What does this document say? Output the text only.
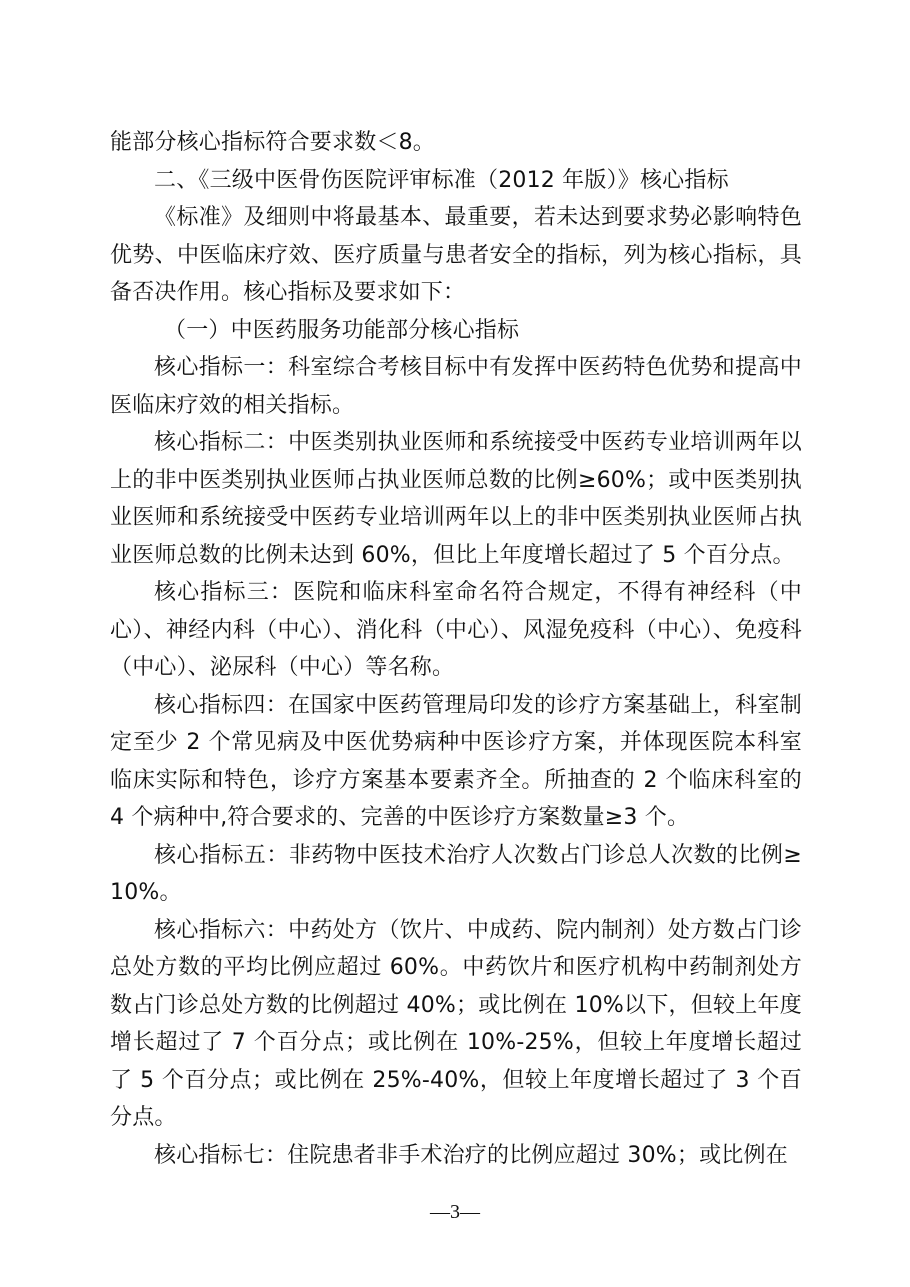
能部分核心指标符合要求数＜8。

二、《三级中医骨伤医院评审标准（2012 年版）》核心指标

《标准》及细则中将最基本、最重要，若未达到要求势必影响特色优势、中医临床疗效、医疗质量与患者安全的指标，列为核心指标，具备否决作用。核心指标及要求如下：

（一）中医药服务功能部分核心指标

核心指标一：科室综合考核目标中有发挥中医药特色优势和提高中医临床疗效的相关指标。

核心指标二：中医类别执业医师和系统接受中医药专业培训两年以上的非中医类别执业医师占执业医师总数的比例≥60%；或中医类别执业医师和系统接受中医药专业培训两年以上的非中医类别执业医师占执业医师总数的比例未达到 60%，但比上年度增长超过了 5 个百分点。

核心指标三：医院和临床科室命名符合规定，不得有神经科（中心）、神经内科（中心）、消化科（中心）、风湿免疫科（中心）、免疫科（中心）、泌尿科（中心）等名称。

核心指标四：在国家中医药管理局印发的诊疗方案基础上，科室制定至少 2 个常见病及中医优势病种中医诊疗方案，并体现医院本科室临床实际和特色，诊疗方案基本要素齐全。所抽查的 2 个临床科室的 4 个病种中,符合要求的、完善的中医诊疗方案数量≥3 个。

核心指标五：非药物中医技术治疗人次数占门诊总人次数的比例≥10%。

核心指标六：中药处方（饮片、中成药、院内制剂）处方数占门诊总处方数的平均比例应超过 60%。中药饮片和医疗机构中药制剂处方数占门诊总处方数的比例超过 40%；或比例在 10%以下，但较上年度增长超过了 7 个百分点；或比例在 10%-25%，但较上年度增长超过了 5 个百分点；或比例在 25%-40%，但较上年度增长超过了 3 个百分点。

核心指标七：住院患者非手术治疗的比例应超过 30%；或比例在

—3—
